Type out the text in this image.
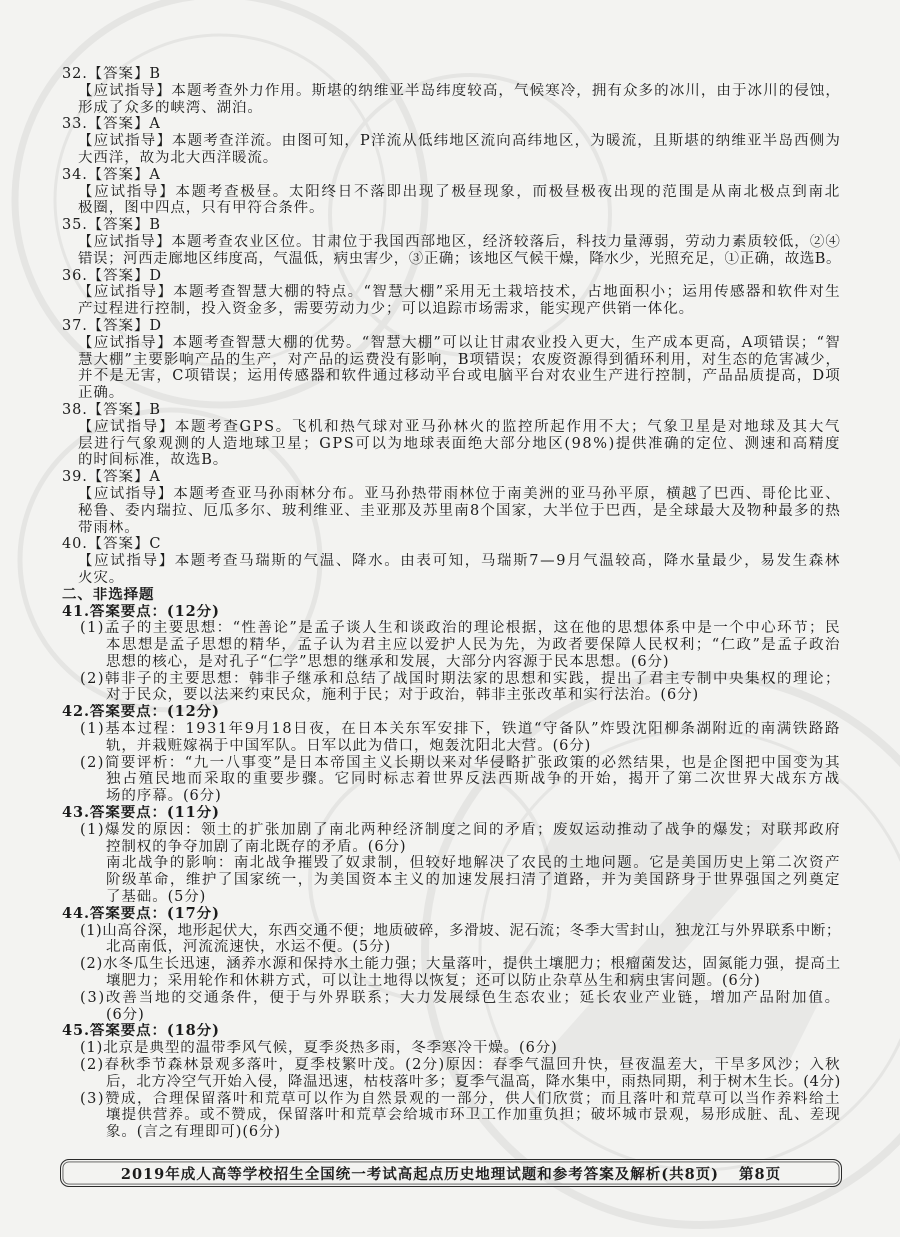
32.【答案】B
【应试指导】本题考查外力作用。斯堪的纳维亚半岛纬度较高，气候寒冷，拥有众多的冰川，由于冰川的侵蚀，
形成了众多的峡湾、湖泊。
33.【答案】A
【应试指导】本题考查洋流。由图可知，P洋流从低纬地区流向高纬地区，为暖流，且斯堪的纳维亚半岛西侧为
大西洋，故为北大西洋暖流。
34.【答案】A
【应试指导】本题考查极昼。太阳终日不落即出现了极昼现象，而极昼极夜出现的范围是从南北极点到南北
极圈，图中四点，只有甲符合条件。
35.【答案】B
【应试指导】本题考查农业区位。甘肃位于我国西部地区，经济较落后，科技力量薄弱，劳动力素质较低，②④
错误；河西走廊地区纬度高，气温低，病虫害少，③正确；该地区气候干燥，降水少，光照充足，①正确，故选B。
36.【答案】D
【应试指导】本题考查智慧大棚的特点。“智慧大棚”采用无土栽培技术，占地面积小；运用传感器和软件对生
产过程进行控制，投入资金多，需要劳动力少；可以追踪市场需求，能实现产供销一体化。
37.【答案】D
【应试指导】本题考查智慧大棚的优势。“智慧大棚”可以让甘肃农业投入更大，生产成本更高，A项错误；“智
慧大棚”主要影响产品的生产，对产品的运费没有影响，B项错误；农废资源得到循环利用，对生态的危害减少，
并不是无害，C项错误；运用传感器和软件通过移动平台或电脑平台对农业生产进行控制，产品品质提高，D项
正确。
38.【答案】B
【应试指导】本题考查GPS。飞机和热气球对亚马孙林火的监控所起作用不大；气象卫星是对地球及其大气
层进行气象观测的人造地球卫星；GPS可以为地球表面绝大部分地区(98%)提供准确的定位、测速和高精度
的时间标准，故选B。
39.【答案】A
【应试指导】本题考查亚马孙雨林分布。亚马孙热带雨林位于南美洲的亚马孙平原，横越了巴西、哥伦比亚、
秘鲁、委内瑞拉、厄瓜多尔、玻利维亚、圭亚那及苏里南8个国家，大半位于巴西，是全球最大及物种最多的热
带雨林。
40.【答案】C
【应试指导】本题考查马瑞斯的气温、降水。由表可知，马瑞斯7—9月气温较高，降水量最少，易发生森林
火灾。
二、非选择题
41.答案要点：(12分)
(1)孟子的主要思想：“性善论”是孟子谈人生和谈政治的理论根据，这在他的思想体系中是一个中心环节；民
本思想是孟子思想的精华，孟子认为君主应以爱护人民为先，为政者要保障人民权利；“仁政”是孟子政治
思想的核心，是对孔子“仁学”思想的继承和发展，大部分内容源于民本思想。(6分)
(2)韩非子的主要思想：韩非子继承和总结了战国时期法家的思想和实践，提出了君主专制中央集权的理论；
对于民众，要以法来约束民众，施利于民；对于政治，韩非主张改革和实行法治。(6分)
42.答案要点：(12分)
(1)基本过程：1931年9月18日夜，在日本关东军安排下，铁道“守备队”炸毁沈阳柳条湖附近的南满铁路路
轨，并栽赃嫁祸于中国军队。日军以此为借口，炮轰沈阳北大营。(6分)
(2)简要评析：“九一八事变”是日本帝国主义长期以来对华侵略扩张政策的必然结果，也是企图把中国变为其
独占殖民地而采取的重要步骤。它同时标志着世界反法西斯战争的开始，揭开了第二次世界大战东方战
场的序幕。(6分)
43.答案要点：(11分)
(1)爆发的原因：领土的扩张加剧了南北两种经济制度之间的矛盾；废奴运动推动了战争的爆发；对联邦政府
控制权的争夺加剧了南北既存的矛盾。(6分)
南北战争的影响：南北战争摧毁了奴隶制，但较好地解决了农民的土地问题。它是美国历史上第二次资产
阶级革命，维护了国家统一，为美国资本主义的加速发展扫清了道路，并为美国跻身于世界强国之列奠定
了基础。(5分)
44.答案要点：(17分)
(1)山高谷深，地形起伏大，东西交通不便；地质破碎，多滑坡、泥石流；冬季大雪封山，独龙江与外界联系中断；
北高南低，河流流速快，水运不便。(5分)
(2)水冬瓜生长迅速，涵养水源和保持水土能力强；大量落叶，提供土壤肥力；根瘤菌发达，固氮能力强，提高土
壤肥力；采用轮作和休耕方式，可以让土地得以恢复；还可以防止杂草丛生和病虫害问题。(6分)
(3)改善当地的交通条件，便于与外界联系；大力发展绿色生态农业；延长农业产业链，增加产品附加值。
(6分)
45.答案要点：(18分)
(1)北京是典型的温带季风气候，夏季炎热多雨，冬季寒冷干燥。(6分)
(2)春秋季节森林景观多落叶，夏季枝繁叶茂。(2分)原因：春季气温回升快，昼夜温差大，干旱多风沙；入秋
后，北方冷空气开始入侵，降温迅速，枯枝落叶多；夏季气温高，降水集中，雨热同期，利于树木生长。(4分)
(3)赞成，合理保留落叶和荒草可以作为自然景观的一部分，供人们欣赏；而且落叶和荒草可以当作养料给土
壤提供营养。或不赞成，保留落叶和荒草会给城市环卫工作加重负担；破坏城市景观，易形成脏、乱、差现
象。(言之有理即可)(6分)
2019年成人高等学校招生全国统一考试高起点历史地理试题和参考答案及解析(共8页) 第8页
